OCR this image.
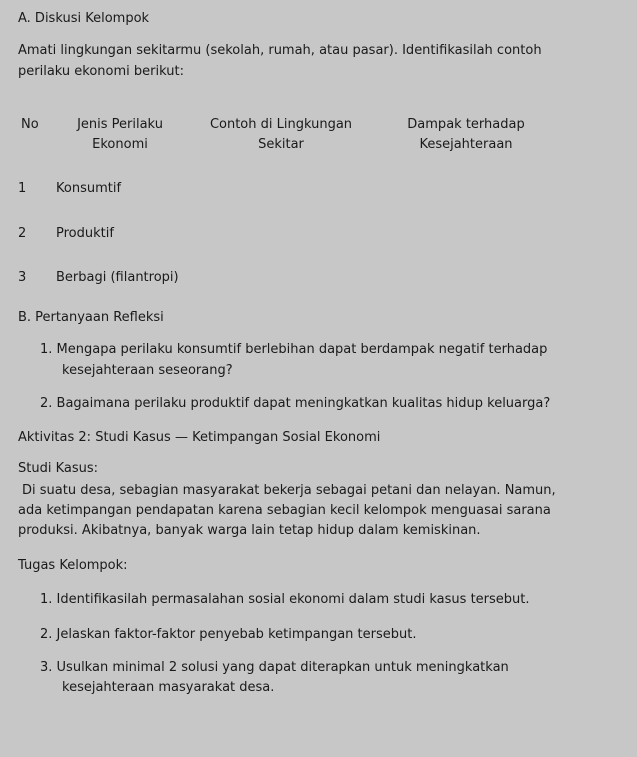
A. Diskusi Kelompok
Amati lingkungan sekitarmu (sekolah, rumah, atau pasar). Identifikasilah contoh
perilaku ekonomi berikut:
No	Jenis Perilaku
Ekonomi
Contoh di Lingkungan
Sekitar
Dampak terhadap
Kesejahteraan
1 Konsumtif
2 Produktif
3 Berbagi (filantropi)
B. Pertanyaan Refleksi
1. Mengapa perilaku konsumtif berlebihan dapat berdampak negatif terhadap
kesejahteraan seseorang?
2. Bagaimana perilaku produktif dapat meningkatkan kualitas hidup keluarga?
Aktivitas 2: Studi Kasus — Ketimpangan Sosial Ekonomi
Studi Kasus:
Di suatu desa, sebagian masyarakat bekerja sebagai petani dan nelayan. Namun,
ada ketimpangan pendapatan karena sebagian kecil kelompok menguasai sarana
produksi. Akibatnya, banyak warga lain tetap hidup dalam kemiskinan.
Tugas Kelompok:
1. Identifikasilah permasalahan sosial ekonomi dalam studi kasus tersebut.
2. Jelaskan faktor-faktor penyebab ketimpangan tersebut.
3. Usulkan minimal 2 solusi yang dapat diterapkan untuk meningkatkan
kesejahteraan masyarakat desa.
